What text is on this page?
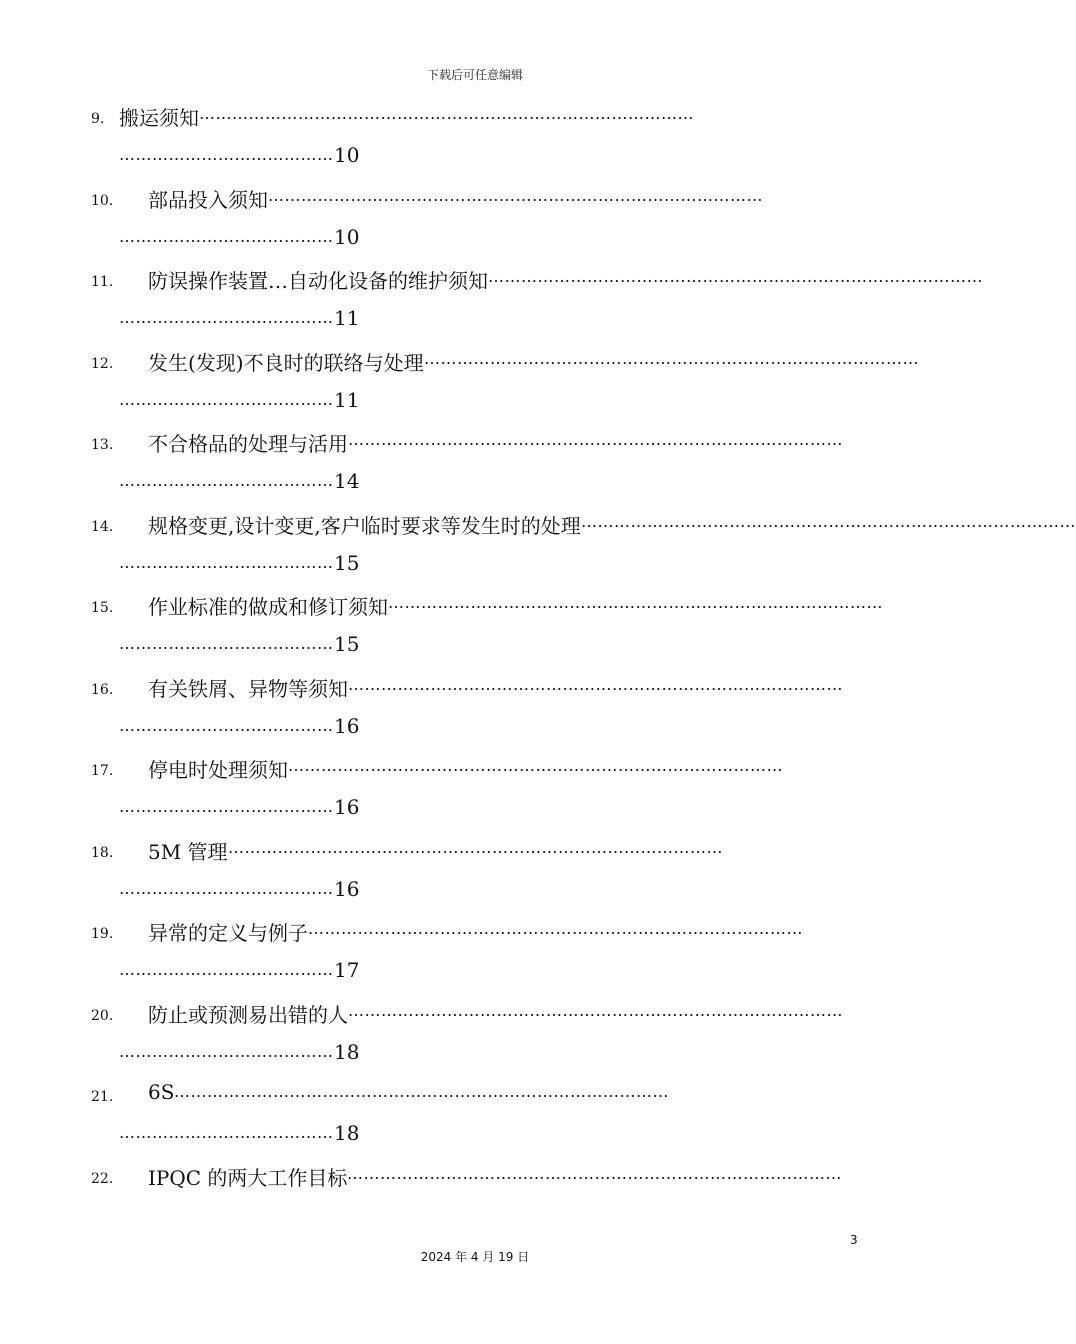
下载后可任意编辑
9. 搬运须知 ………………………………………………………………………………
………………………………… 10
10. 部品投入须知 ………………………………………………………………………………
………………………………… 10
11. 防误操作装置…自动化设备的维护须知 ………………………………………………………………………………
………………………………… 11
12. 发生(发现)不良时的联络与处理 ………………………………………………………………………………
………………………………… 11
13. 不合格品的处理与活用 ………………………………………………………………………………
………………………………… 14
14. 规格变更,设计变更,客户临时要求等发生时的处理 ………………………………………………………………………………
………………………………… 15
15. 作业标准的做成和修订须知 ………………………………………………………………………………
………………………………… 15
16. 有关铁屑、异物等须知 ………………………………………………………………………………
………………………………… 16
17. 停电时处理须知 ………………………………………………………………………………
………………………………… 16
18. 5M 管理 ………………………………………………………………………………
………………………………… 16
19. 异常的定义与例子 ………………………………………………………………………………
………………………………… 17
20. 防止或预测易出错的人 ………………………………………………………………………………
………………………………… 18
21. 6S ………………………………………………………………………………
………………………………… 18
22. IPQC 的两大工作目标 ………………………………………………………………………………
3
2024 年 4 月 19 日
